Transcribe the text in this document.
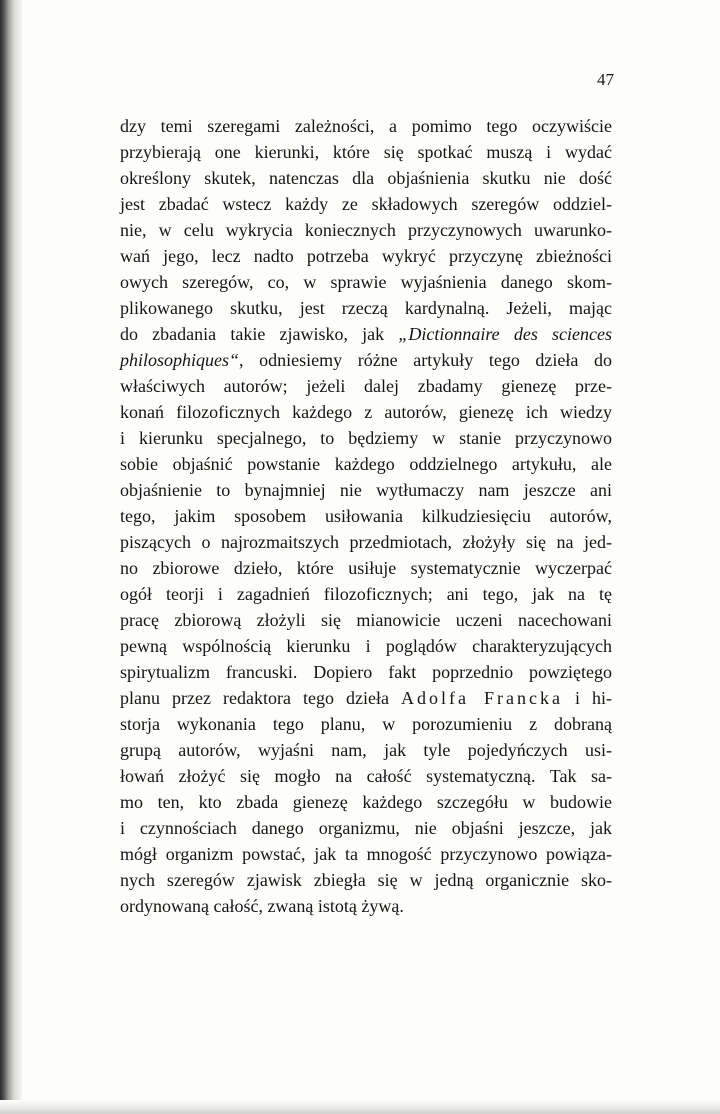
47
dzy temi szeregami zależności, a pomimo tego oczywiście
przybierają one kierunki, które się spotkać muszą i wydać
określony skutek, natenczas dla objaśnienia skutku nie dość
jest zbadać wstecz każdy ze składowych szeregów oddziel-
nie, w celu wykrycia koniecznych przyczynowych uwarunko-
wań jego, lecz nadto potrzeba wykryć przyczynę zbieżności
owych szeregów, co, w sprawie wyjaśnienia danego skom-
plikowanego skutku, jest rzeczą kardynalną. Jeżeli, mając
do zbadania takie zjawisko, jak „Dictionnaire des sciences
philosophiques“, odniesiemy różne artykuły tego dzieła do
właściwych autorów; jeżeli dalej zbadamy gienezę prze-
konań filozoficznych każdego z autorów, gienezę ich wiedzy
i kierunku specjalnego, to będziemy w stanie przyczynowo
sobie objaśnić powstanie każdego oddzielnego artykułu, ale
objaśnienie to bynajmniej nie wytłumaczy nam jeszcze ani
tego, jakim sposobem usiłowania kilkudziesięciu autorów,
piszących o najrozmaitszych przedmiotach, złożyły się na jed-
no zbiorowe dzieło, które usiłuje systematycznie wyczerpać
ogół teorji i zagadnień filozoficznych; ani tego, jak na tę
pracę zbiorową złożyli się mianowicie uczeni nacechowani
pewną wspólnością kierunku i poglądów charakteryzujących
spirytualizm francuski. Dopiero fakt poprzednio powziętego
planu przez redaktora tego dzieła Adolfa Francka i hi-
storja wykonania tego planu, w porozumieniu z dobraną
grupą autorów, wyjaśni nam, jak tyle pojedyńczych usi-
łowań złożyć się mogło na całość systematyczną. Tak sa-
mo ten, kto zbada gienezę każdego szczegółu w budowie
i czynnościach danego organizmu, nie objaśni jeszcze, jak
mógł organizm powstać, jak ta mnogość przyczynowo powiąza-
nych szeregów zjawisk zbiegła się w jedną organicznie sko-
ordynowaną całość, zwaną istotą żywą.
